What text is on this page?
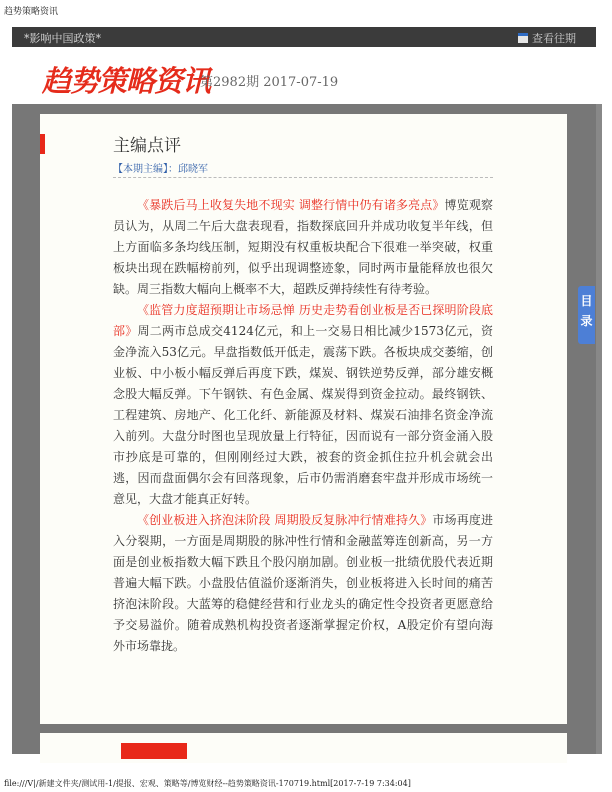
趋势策略资讯
*影响中国政策*	查看往期
趋势策略资讯
第2982期 2017-07-19
主编点评
【本期主编】：邱晓军

《暴跌后马上收复失地不现实 调整行情中仍有诸多亮点》博览观察员认为，从周二午后大盘表现看，指数探底回升并成功收复半年线，但上方面临多条均线压制，短期没有权重板块配合下很难一举突破，权重板块出现在跌幅榜前列，似乎出现调整迹象，同时两市量能释放也很欠缺。周三指数大幅向上概率不大，超跌反弹持续性有待考验。

《监管力度超预期让市场忌惮 历史走势看创业板是否已探明阶段底部》周二两市总成交4124亿元，和上一交易日相比减少1573亿元，资金净流入53亿元。早盘指数低开低走，震荡下跌。各板块成交萎缩，创业板、中小板小幅反弹后再度下跌，煤炭、钢铁逆势反弹，部分雄安概念股大幅反弹。下午钢铁、有色金属、煤炭得到资金拉动。最终钢铁、工程建筑、房地产、化工化纤、新能源及材料、煤炭石油排名资金净流入前列。大盘分时图也呈现放量上行特征，因而说有一部分资金涌入股市抄底是可靠的，但刚刚经过大跌，被套的资金抓住拉升机会就会出逃，因而盘面偶尔会有回落现象，后市仍需消磨套牢盘并形成市场统一意见，大盘才能真正好转。

《创业板进入挤泡沫阶段 周期股反复脉冲行情难持久》市场再度进入分裂期，一方面是周期股的脉冲性行情和金融蓝筹连创新高，另一方面是创业板指数大幅下跌且个股闪崩加剧。创业板一批绩优股代表近期普遍大幅下跌。小盘股估值溢价逐渐消失，创业板将进入长时间的痛苦挤泡沫阶段。大蓝筹的稳健经营和行业龙头的确定性令投资者更愿意给予交易溢价。随着成熟机构投资者逐渐掌握定价权，A股定价有望向海外市场靠拢。

目录
file:///V|/新建文件夹/测试用-1/提报、宏观、策略等/博览财经--趋势策略资讯-170719.html[2017-7-19 7:34:04]
